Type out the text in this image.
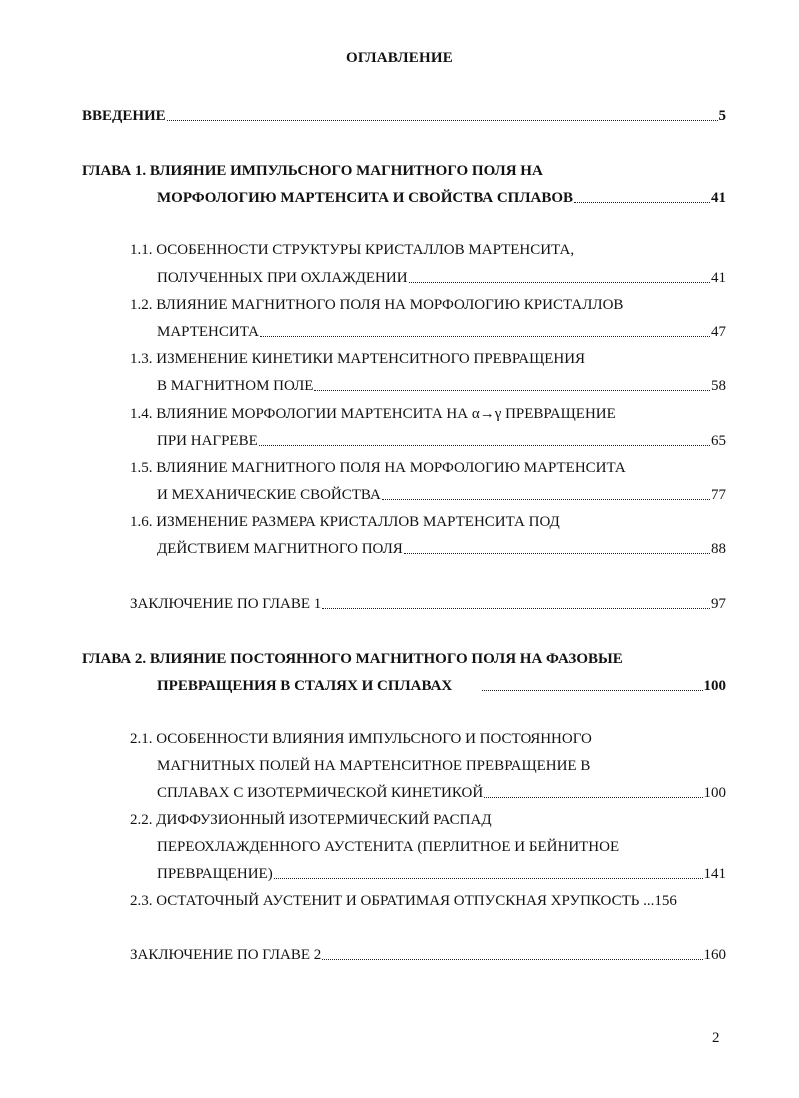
ОГЛАВЛЕНИЕ
ВВЕДЕНИЕ	5
ГЛАВА 1. ВЛИЯНИЕ ИМПУЛЬСНОГО МАГНИТНОГО ПОЛЯ НА
МОРФОЛОГИЮ МАРТЕНСИТА И СВОЙСТВА СПЛАВОВ	41
1.1. ОСОБЕННОСТИ СТРУКТУРЫ КРИСТАЛЛОВ МАРТЕНСИТА,
ПОЛУЧЕННЫХ ПРИ ОХЛАЖДЕНИИ	41
1.2. ВЛИЯНИЕ МАГНИТНОГО ПОЛЯ НА МОРФОЛОГИЮ КРИСТАЛЛОВ
МАРТЕНСИТА	47
1.3. ИЗМЕНЕНИЕ КИНЕТИКИ МАРТЕНСИТНОГО ПРЕВРАЩЕНИЯ
В МАГНИТНОМ ПОЛЕ	58
1.4. ВЛИЯНИЕ МОРФОЛОГИИ МАРТЕНСИТА НА α→γ ПРЕВРАЩЕНИЕ
ПРИ НАГРЕВЕ	65
1.5. ВЛИЯНИЕ МАГНИТНОГО ПОЛЯ НА МОРФОЛОГИЮ МАРТЕНСИТА
И МЕХАНИЧЕСКИЕ СВОЙСТВА	77
1.6. ИЗМЕНЕНИЕ РАЗМЕРА КРИСТАЛЛОВ МАРТЕНСИТА ПОД
ДЕЙСТВИЕМ МАГНИТНОГО ПОЛЯ	88
ЗАКЛЮЧЕНИЕ ПО ГЛАВЕ 1	97
ГЛАВА 2. ВЛИЯНИЕ ПОСТОЯННОГО МАГНИТНОГО ПОЛЯ НА ФАЗОВЫЕ
ПРЕВРАЩЕНИЯ В СТАЛЯХ И СПЛАВАХ	100
2.1. ОСОБЕННОСТИ ВЛИЯНИЯ ИМПУЛЬСНОГО И ПОСТОЯННОГО
МАГНИТНЫХ ПОЛЕЙ НА МАРТЕНСИТНОЕ ПРЕВРАЩЕНИЕ В
СПЛАВАХ С ИЗОТЕРМИЧЕСКОЙ КИНЕТИКОЙ	100
2.2. ДИФФУЗИОННЫЙ ИЗОТЕРМИЧЕСКИЙ РАСПАД
ПЕРЕОХЛАЖДЕННОГО АУСТЕНИТА (ПЕРЛИТНОЕ И БЕЙНИТНОЕ
ПРЕВРАЩЕНИЕ)	141
2.3. ОСТАТОЧНЫЙ АУСТЕНИТ И ОБРАТИМАЯ ОТПУСКНАЯ ХРУПКОСТЬ ...156
ЗАКЛЮЧЕНИЕ ПО ГЛАВЕ 2	160
2
